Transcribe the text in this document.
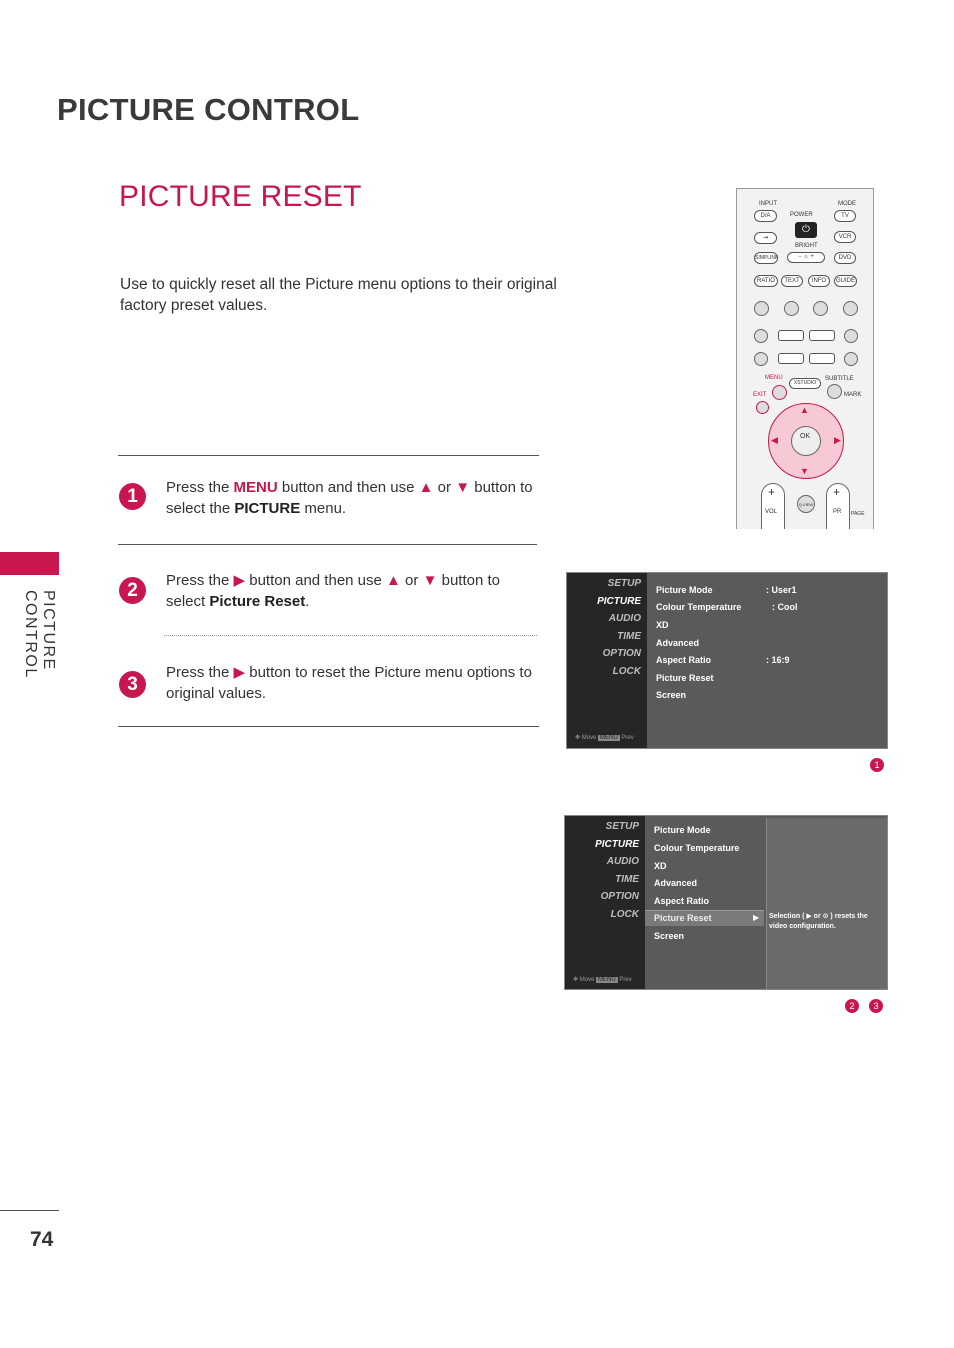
PICTURE CONTROL
PICTURE RESET
Use to quickly reset all the Picture menu options to their original factory preset values.
PICTURE CONTROL
1	Press the MENU button and then use ▲ or ▼ button to select the PICTURE menu.
2	Press the ▶ button and then use ▲ or ▼ button to select Picture Reset.
3
Press the ▶ button to reset the Picture menu options to original values.
INPUT	MODE
D/A	POWER	TV
⇥
⏻
VCR
BRIGHT
SIMPLINK	− ☼ +	DVD
RATIO	TEXT	INFO	GUIDE
MENU
XSTUDIO
SUBTITLE
EXIT	MARK
▲
▼
◀	▶
OK
+
VOL
Q.VIEW
+
PR PAGE
SETUP
PICTURE
AUDIO
TIME
OPTION
LOCK
✥ Move MENU Prev
Picture Mode	: User1
Colour Temperature	: Cool
XD
Advanced
Aspect Ratio	: 16:9
Picture Reset
Screen
1
SETUP
PICTURE
AUDIO
TIME
OPTION
LOCK
✥ Move MENU Prev
Picture Mode
Colour Temperature
XD
Advanced
Aspect Ratio
Picture Reset	▶
Screen
Selection ( ▶ or ⊙ ) resets the video configuration.
2	3
74
